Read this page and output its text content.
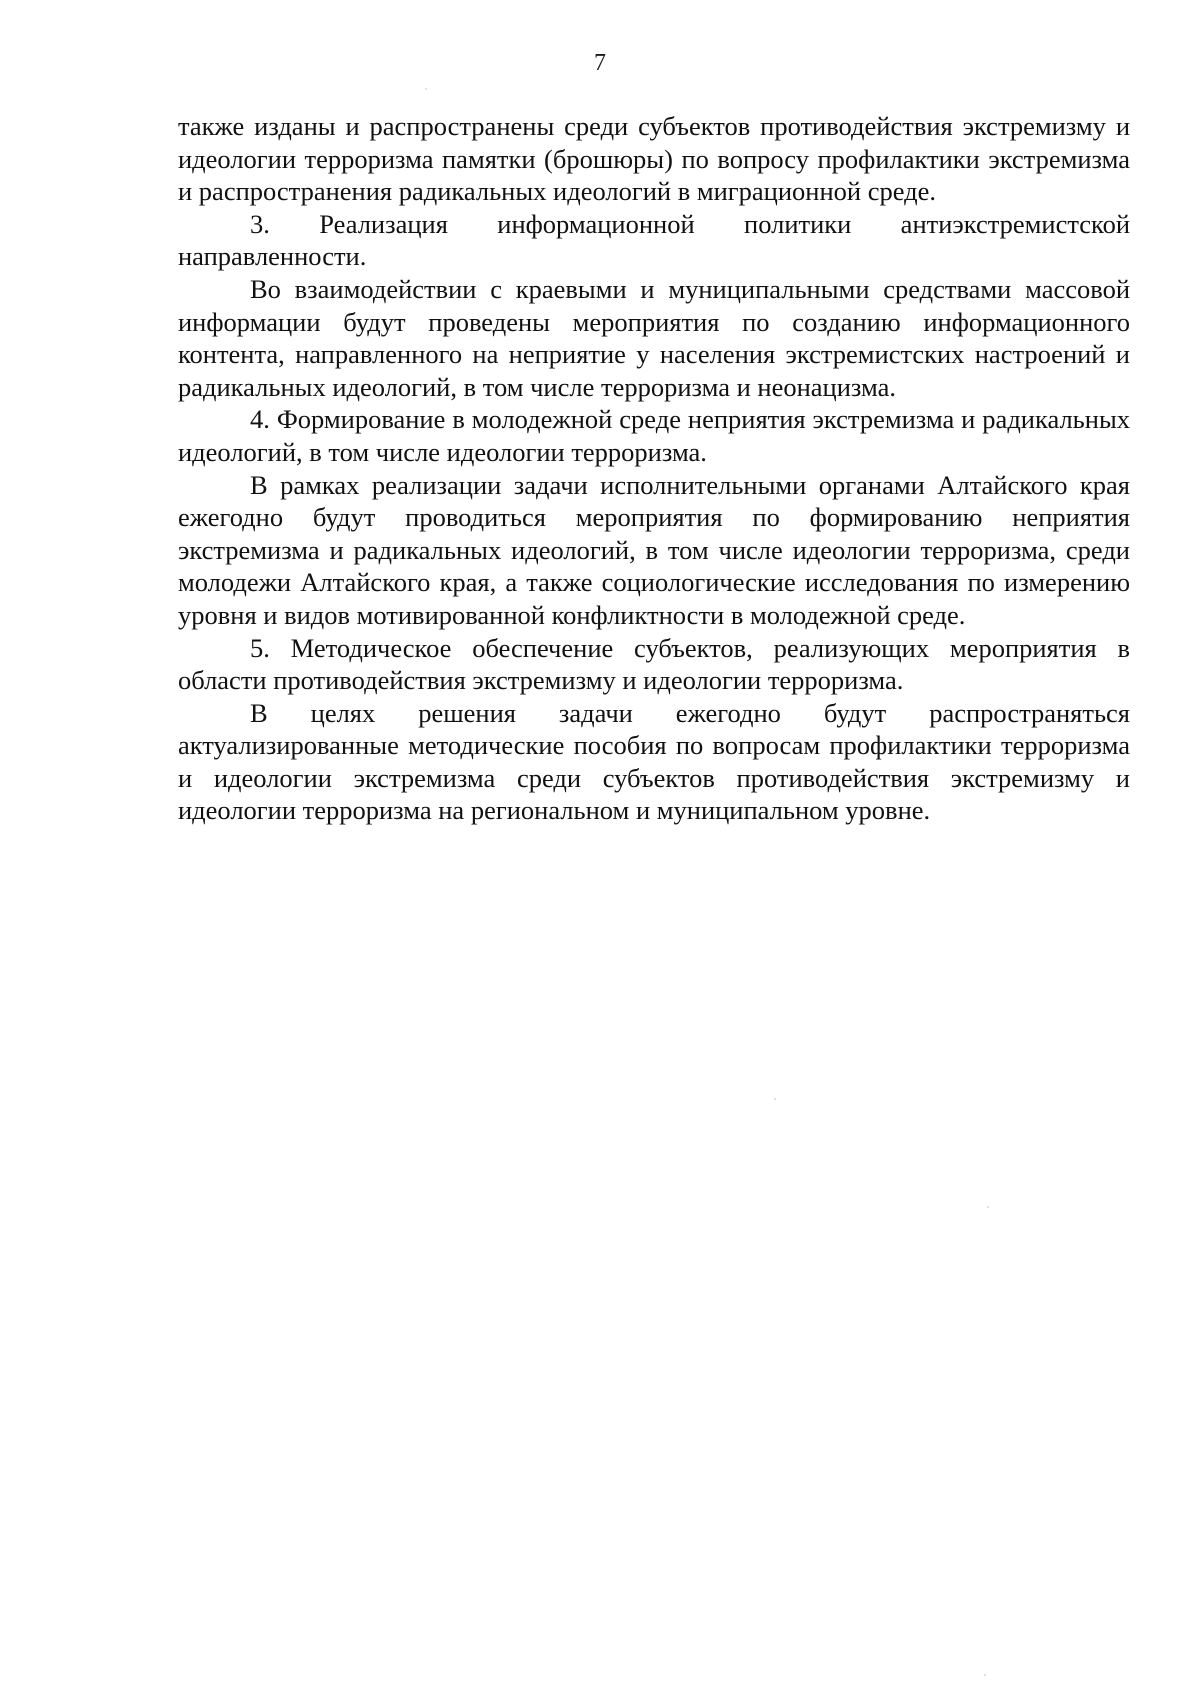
7

также изданы и распространены среди субъектов противодействия экстремизму и идеологии терроризма памятки (брошюры) по вопросу профилактики экстремизма и распространения радикальных идеологий в миграционной среде.

3. Реализация информационной политики антиэкстремистской направленности.

Во взаимодействии с краевыми и муниципальными средствами массовой информации будут проведены мероприятия по созданию информационного контента, направленного на неприятие у населения экстремистских настроений и радикальных идеологий, в том числе терроризма и неонацизма.

4. Формирование в молодежной среде неприятия экстремизма и радикальных идеологий, в том числе идеологии терроризма.

В рамках реализации задачи исполнительными органами Алтайского края ежегодно будут проводиться мероприятия по формированию неприятия экстремизма и радикальных идеологий, в том числе идеологии терроризма, среди молодежи Алтайского края, а также социологические исследования по измерению уровня и видов мотивированной конфликтности в молодежной среде.

5. Методическое обеспечение субъектов, реализующих мероприятия в области противодействия экстремизму и идеологии терроризма.

В целях решения задачи ежегодно будут распространяться актуализированные методические пособия по вопросам профилактики терроризма и идеологии экстремизма среди субъектов противодействия экстремизму и идеологии терроризма на региональном и муниципальном уровне.
